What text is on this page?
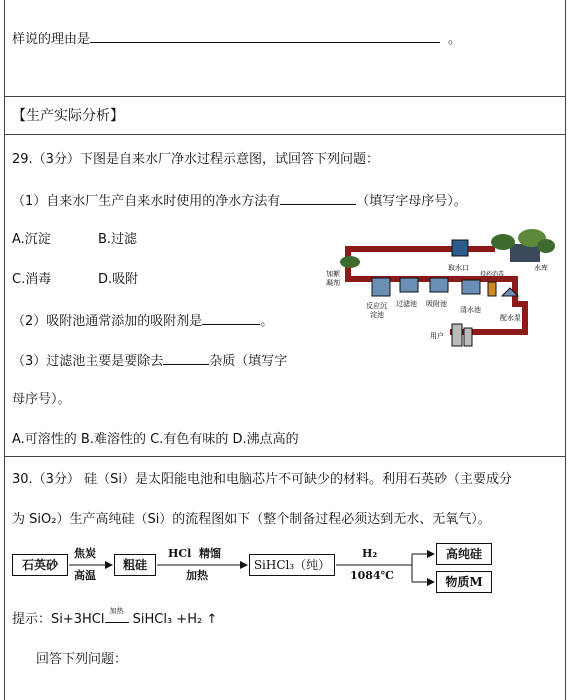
样说的理由是	。
【生产实际分析】
29.（3分）下图是自来水厂净水过程示意图，试回答下列问题：
（1）自来水厂生产自来水时使用的净水方法有	（填写字母序号）。
A.沉淀	B.过滤
C.消毒	D.吸附
（2）吸附池通常添加的吸附剂是	。
（3）过滤池主要是要除去	杂质（填写字
母序号）。
A.可溶性的 B.难溶性的 C.有色有味的 D.沸点高的
取水口	水库
加絮
凝剂
投药消毒
反应沉
淀池
过滤池 吸附池
清水池
配水泵
用户
30.（3分） 硅（Si）是太阳能电池和电脑芯片不可缺少的材料。利用石英砂（主要成分
为 SiO₂）生产高纯硅（Si）的流程图如下（整个制备过程必须达到无水、无氧气）。
石英砂	粗硅	SiHCl₃（纯）
高纯硅
物质M
焦炭
高温
HCl  精馏
加热
H₂
1084℃
提示：Si+3HCl
加热
SiHCl₃ +H₂ ↑
回答下列问题：
